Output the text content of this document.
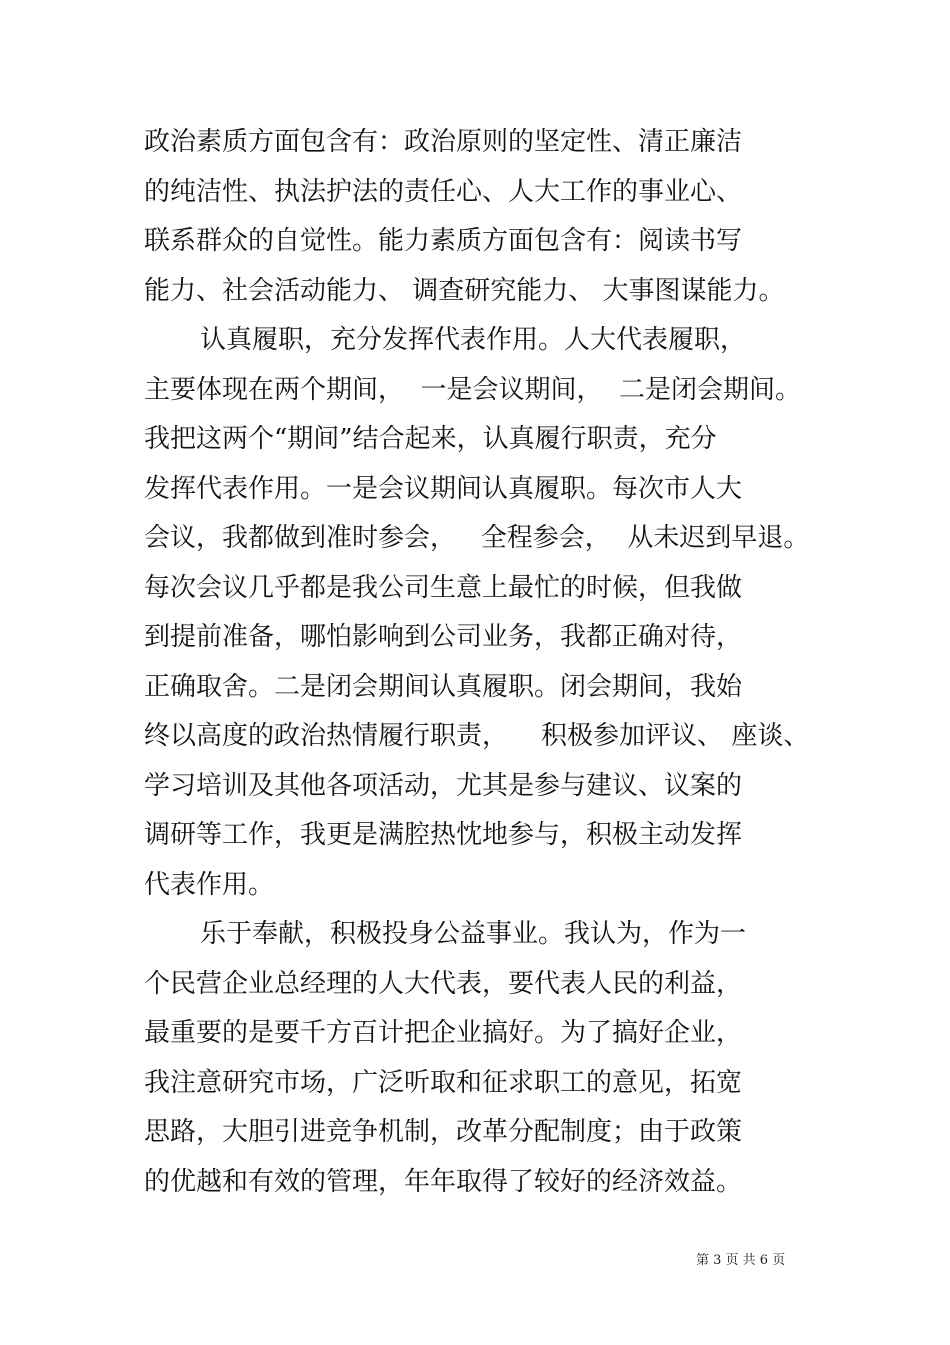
政治素质方面包含有：政治原则的坚定性、清正廉洁
的纯洁性、执法护法的责任心、人大工作的事业心、
联系群众的自觉性。能力素质方面包含有：阅读书写
能力、社会活动能力、 调查研究能力、 大事图谋能力。
认真履职，充分发挥代表作用。人大代表履职，
主要体现在两个期间，  一是会议期间，  二是闭会期间。
我把这两个“期间”结合起来，认真履行职责，充分
发挥代表作用。一是会议期间认真履职。每次市人大
会议，我都做到准时参会，   全程参会，  从未迟到早退。
每次会议几乎都是我公司生意上最忙的时候，但我做
到提前准备，哪怕影响到公司业务，我都正确对待，
正确取舍。二是闭会期间认真履职。闭会期间，我始
终以高度的政治热情履行职责，    积极参加评议、 座谈、
学习培训及其他各项活动，尤其是参与建议、议案的
调研等工作，我更是满腔热忱地参与，积极主动发挥
代表作用。
乐于奉献，积极投身公益事业。我认为，作为一
个民营企业总经理的人大代表，要代表人民的利益，
最重要的是要千方百计把企业搞好。为了搞好企业，
我注意研究市场，广泛听取和征求职工的意见，拓宽
思路，大胆引进竞争机制，改革分配制度；由于政策
的优越和有效的管理，年年取得了较好的经济效益。
第 3 页 共 6 页
